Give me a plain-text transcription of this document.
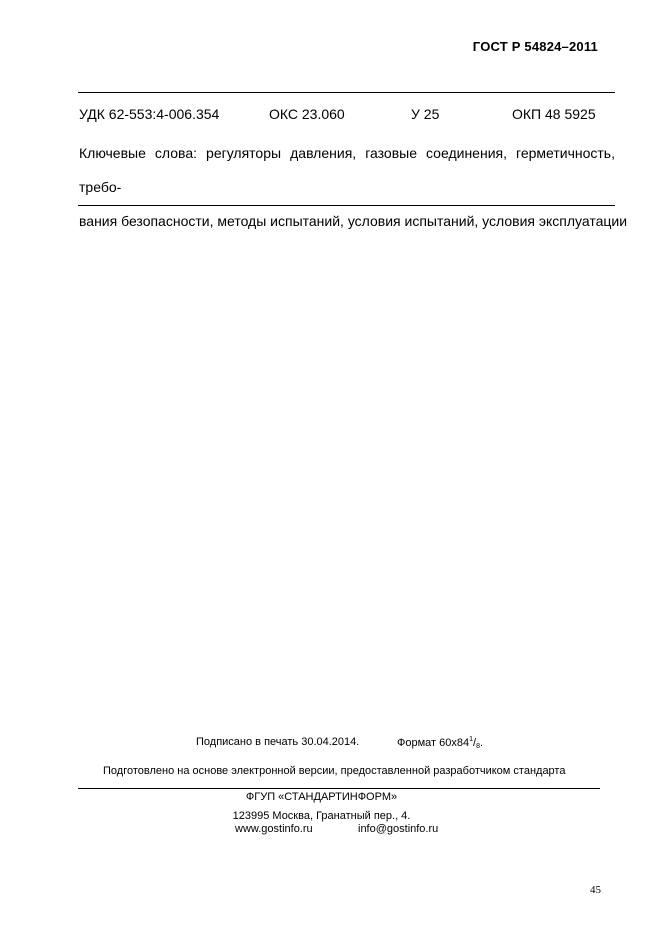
ГОСТ Р 54824–2011
УДК 62-553:4-006.354	ОКС 23.060	У 25	ОКП 48 5925
Ключевые слова: регуляторы давления, газовые соединения, герметичность, требо-
вания безопасности, методы испытаний, условия испытаний, условия эксплуатации
Подписано в печать 30.04.2014.	Формат $60х84^1/_8$.
Подготовлено на основе электронной версии, предоставленной разработчиком стандарта
ФГУП «СТАНДАРТИНФОРМ»
123995 Москва, Гранатный пер., 4.
www.gostinfo.ru	info@gostinfo.ru
45
